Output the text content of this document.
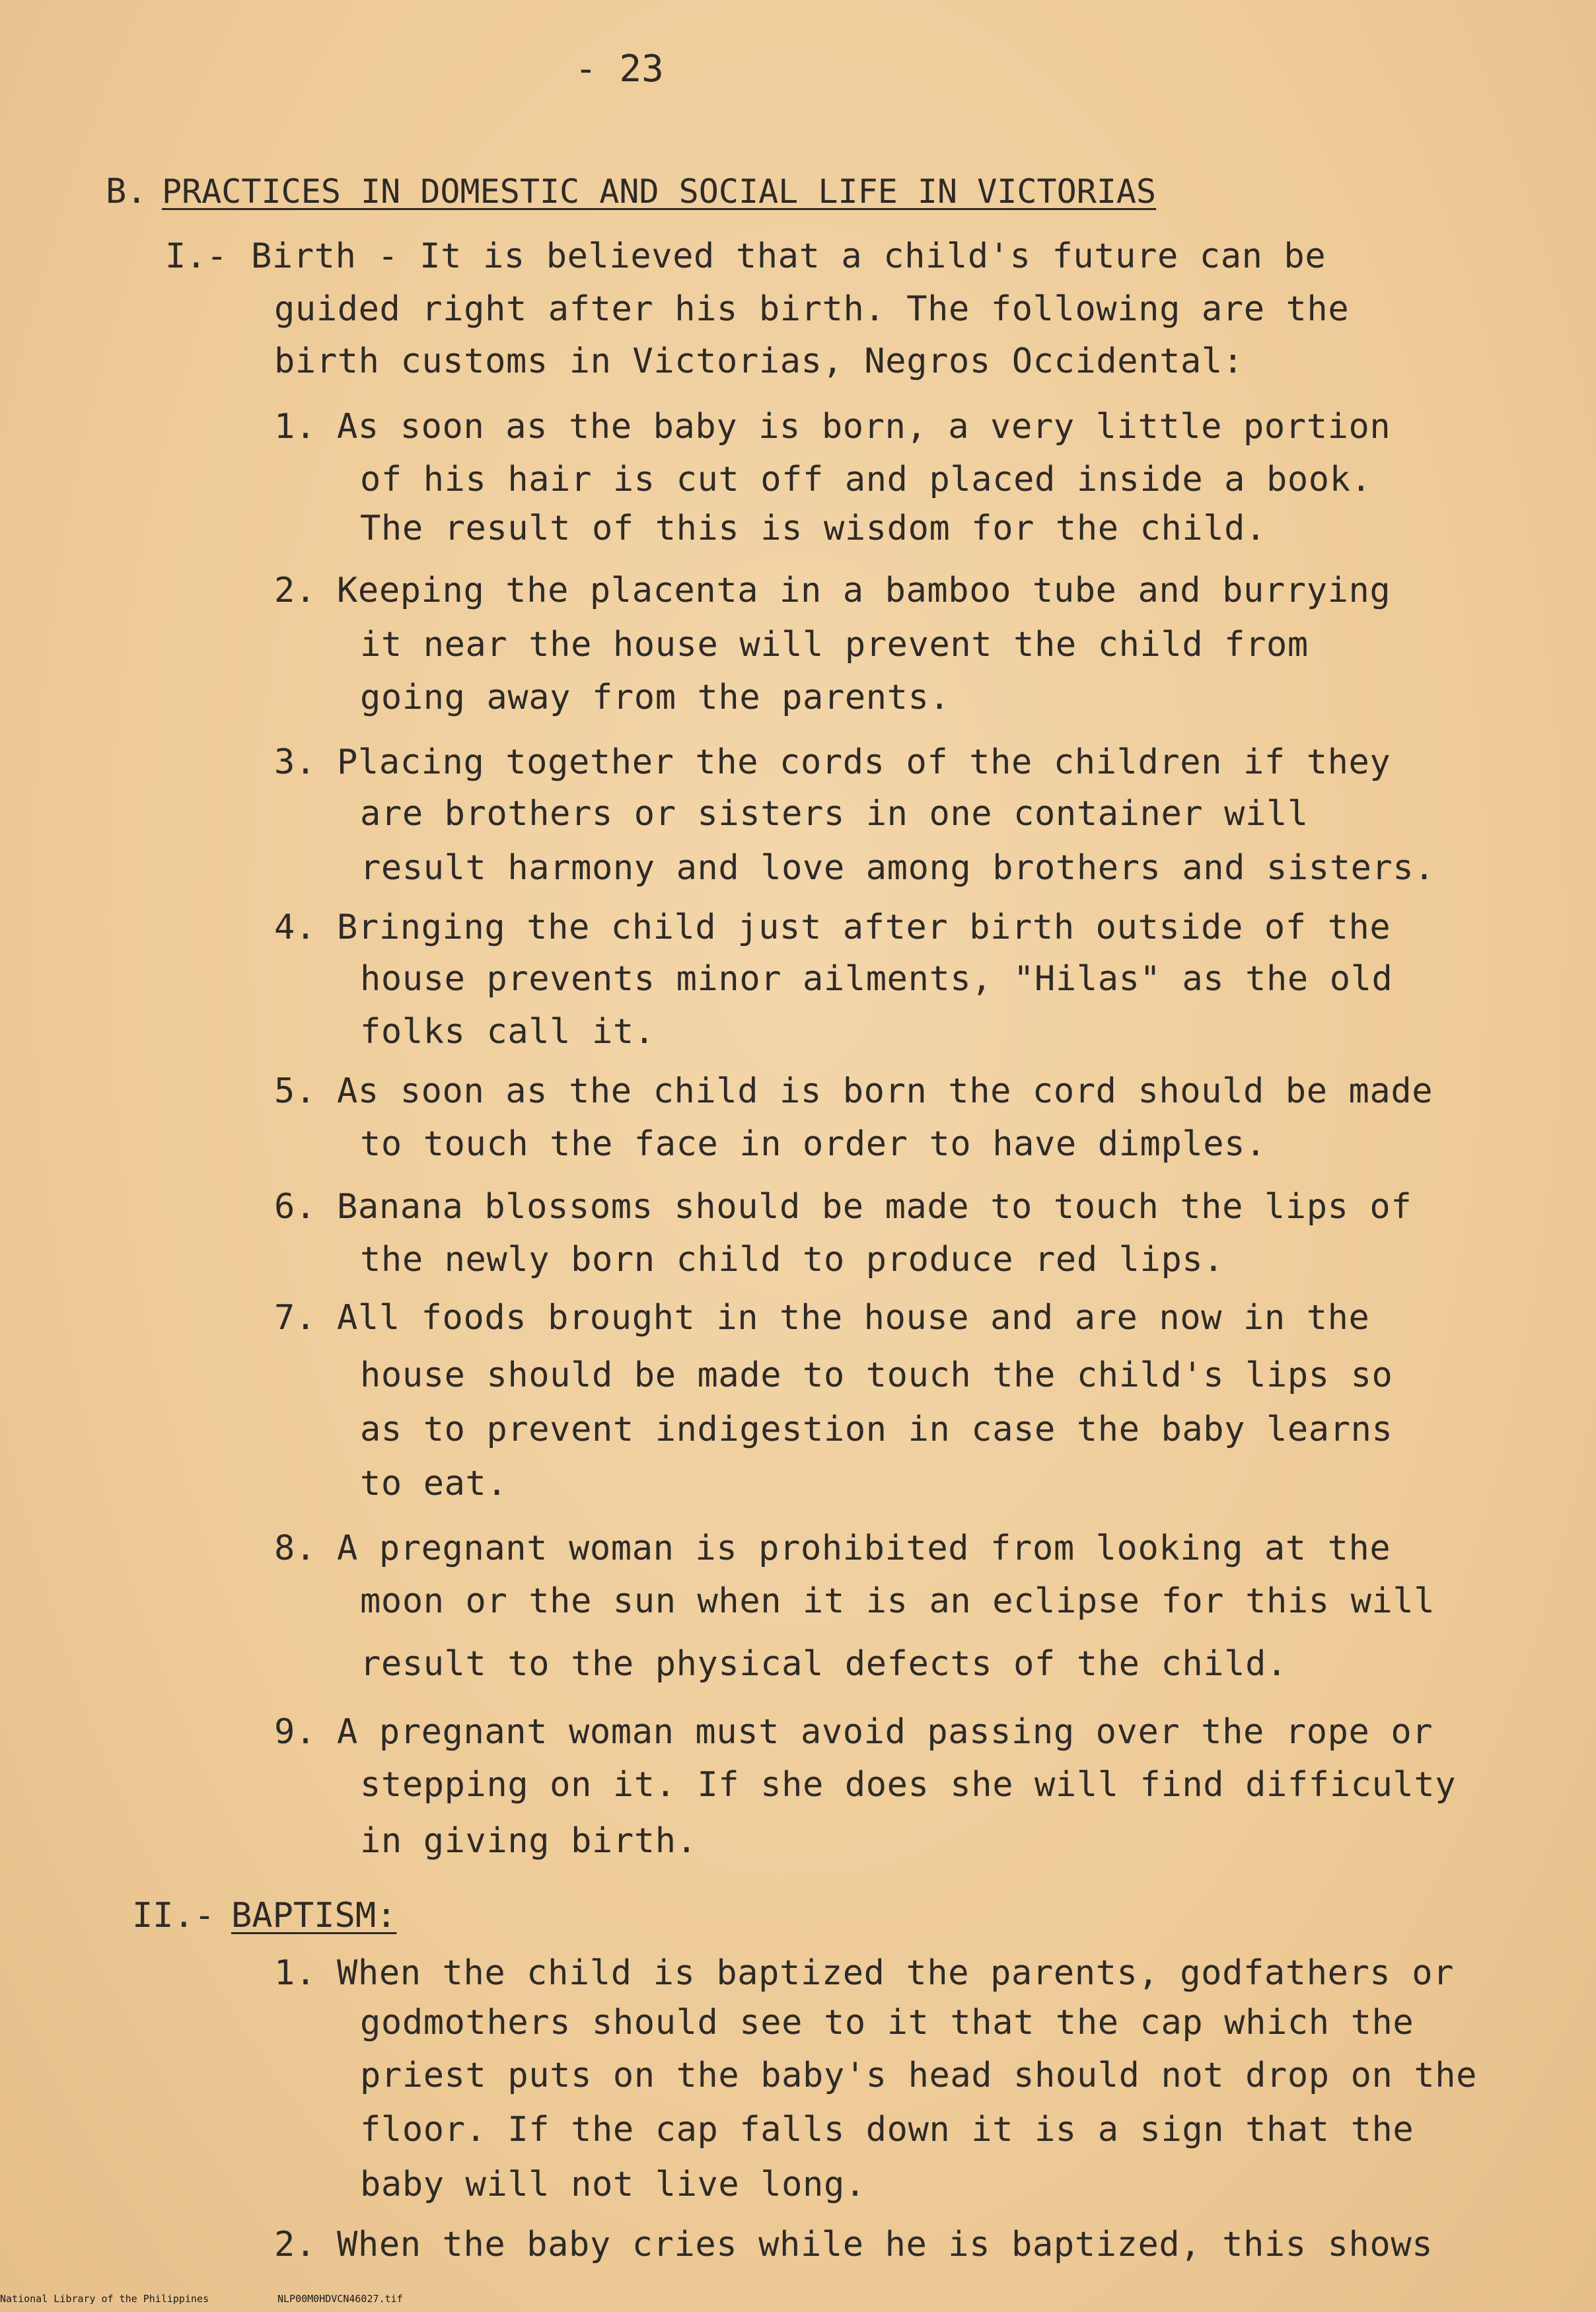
- 23
B. PRACTICES IN DOMESTIC AND SOCIAL LIFE IN VICTORIAS
I.- Birth - It is believed that a child's future can be
guided right after his birth. The following are the
birth customs in Victorias, Negros Occidental:
1. As soon as the baby is born, a very little portion
of his hair is cut off and placed inside a book.
The result of this is wisdom for the child.
2. Keeping the placenta in a bamboo tube and burrying
it near the house will prevent the child from
going away from the parents.
3. Placing together the cords of the children if they
are brothers or sisters in one container will
result harmony and love among brothers and sisters.
4. Bringing the child just after birth outside of the
house prevents minor ailments, "Hilas" as the old
folks call it.
5. As soon as the child is born the cord should be made
to touch the face in order to have dimples.
6. Banana blossoms should be made to touch the lips of
the newly born child to produce red lips.
7. All foods brought in the house and are now in the
house should be made to touch the child's lips so
as to prevent indigestion in case the baby learns
to eat.
8. A pregnant woman is prohibited from looking at the
moon or the sun when it is an eclipse for this will
result to the physical defects of the child.
9. A pregnant woman must avoid passing over the rope or
stepping on it. If she does she will find difficulty
in giving birth.
II.- BAPTISM:
1. When the child is baptized the parents, godfathers or
godmothers should see to it that the cap which the
priest puts on the baby's head should not drop on the
floor. If the cap falls down it is a sign that the
baby will not live long.
2. When the baby cries while he is baptized, this shows
National Library of the Philippines	NLP00M0HDVCN46027.tif
